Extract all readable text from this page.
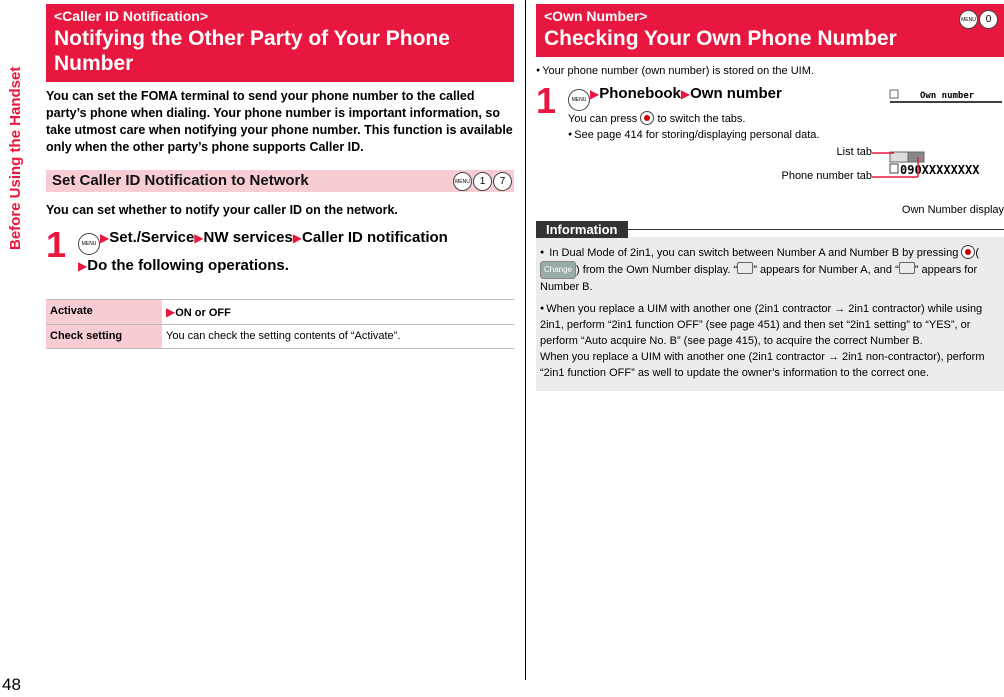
Before Using the Handset
48
<Caller ID Notification>
Notifying the Other Party of Your Phone Number
You can set the FOMA terminal to send your phone number to the called party’s phone when dialing. Your phone number is important information, so take utmost care when notifying your phone number. This function is available only when the other party’s phone supports Caller ID.
Set Caller ID Notification to Network	MENU 1	7
You can set whether to notify your caller ID on the network.
1	MENU ▶Set./Service▶NW services▶Caller ID notification
▶Do the following operations.
Activate	▶ON or OFF
Check setting	You can check the setting contents of “Activate”.
<Own Number>
Checking Your Own Phone Number
MENU 0
● Your phone number (own number) is stored on the UIM.
1	MENU ▶Phonebook▶Own number
You can press to switch the tabs.
● See page 414 for storing/displaying personal data.
Own number
090XXXXXXXX
List tab
Phone number tab
Own Number display
Information

● In Dual Mode of 2in1, you can switch between Number A and Number B by pressing (Change ) from the Own Number display. “ ” appears for Number A, and “ ” appears for Number B.

● When you replace a UIM with another one (2in1 contractor → 2in1 contractor) while using 2in1, perform “2in1 function OFF” (see page 451) and then set “2in1 setting” to “YES”, or perform “Auto acquire No. B” (see page 415), to acquire the correct Number B.

When you replace a UIM with another one (2in1 contractor → 2in1 non-contractor), perform “2in1 function OFF” as well to update the owner’s information to the correct one.
